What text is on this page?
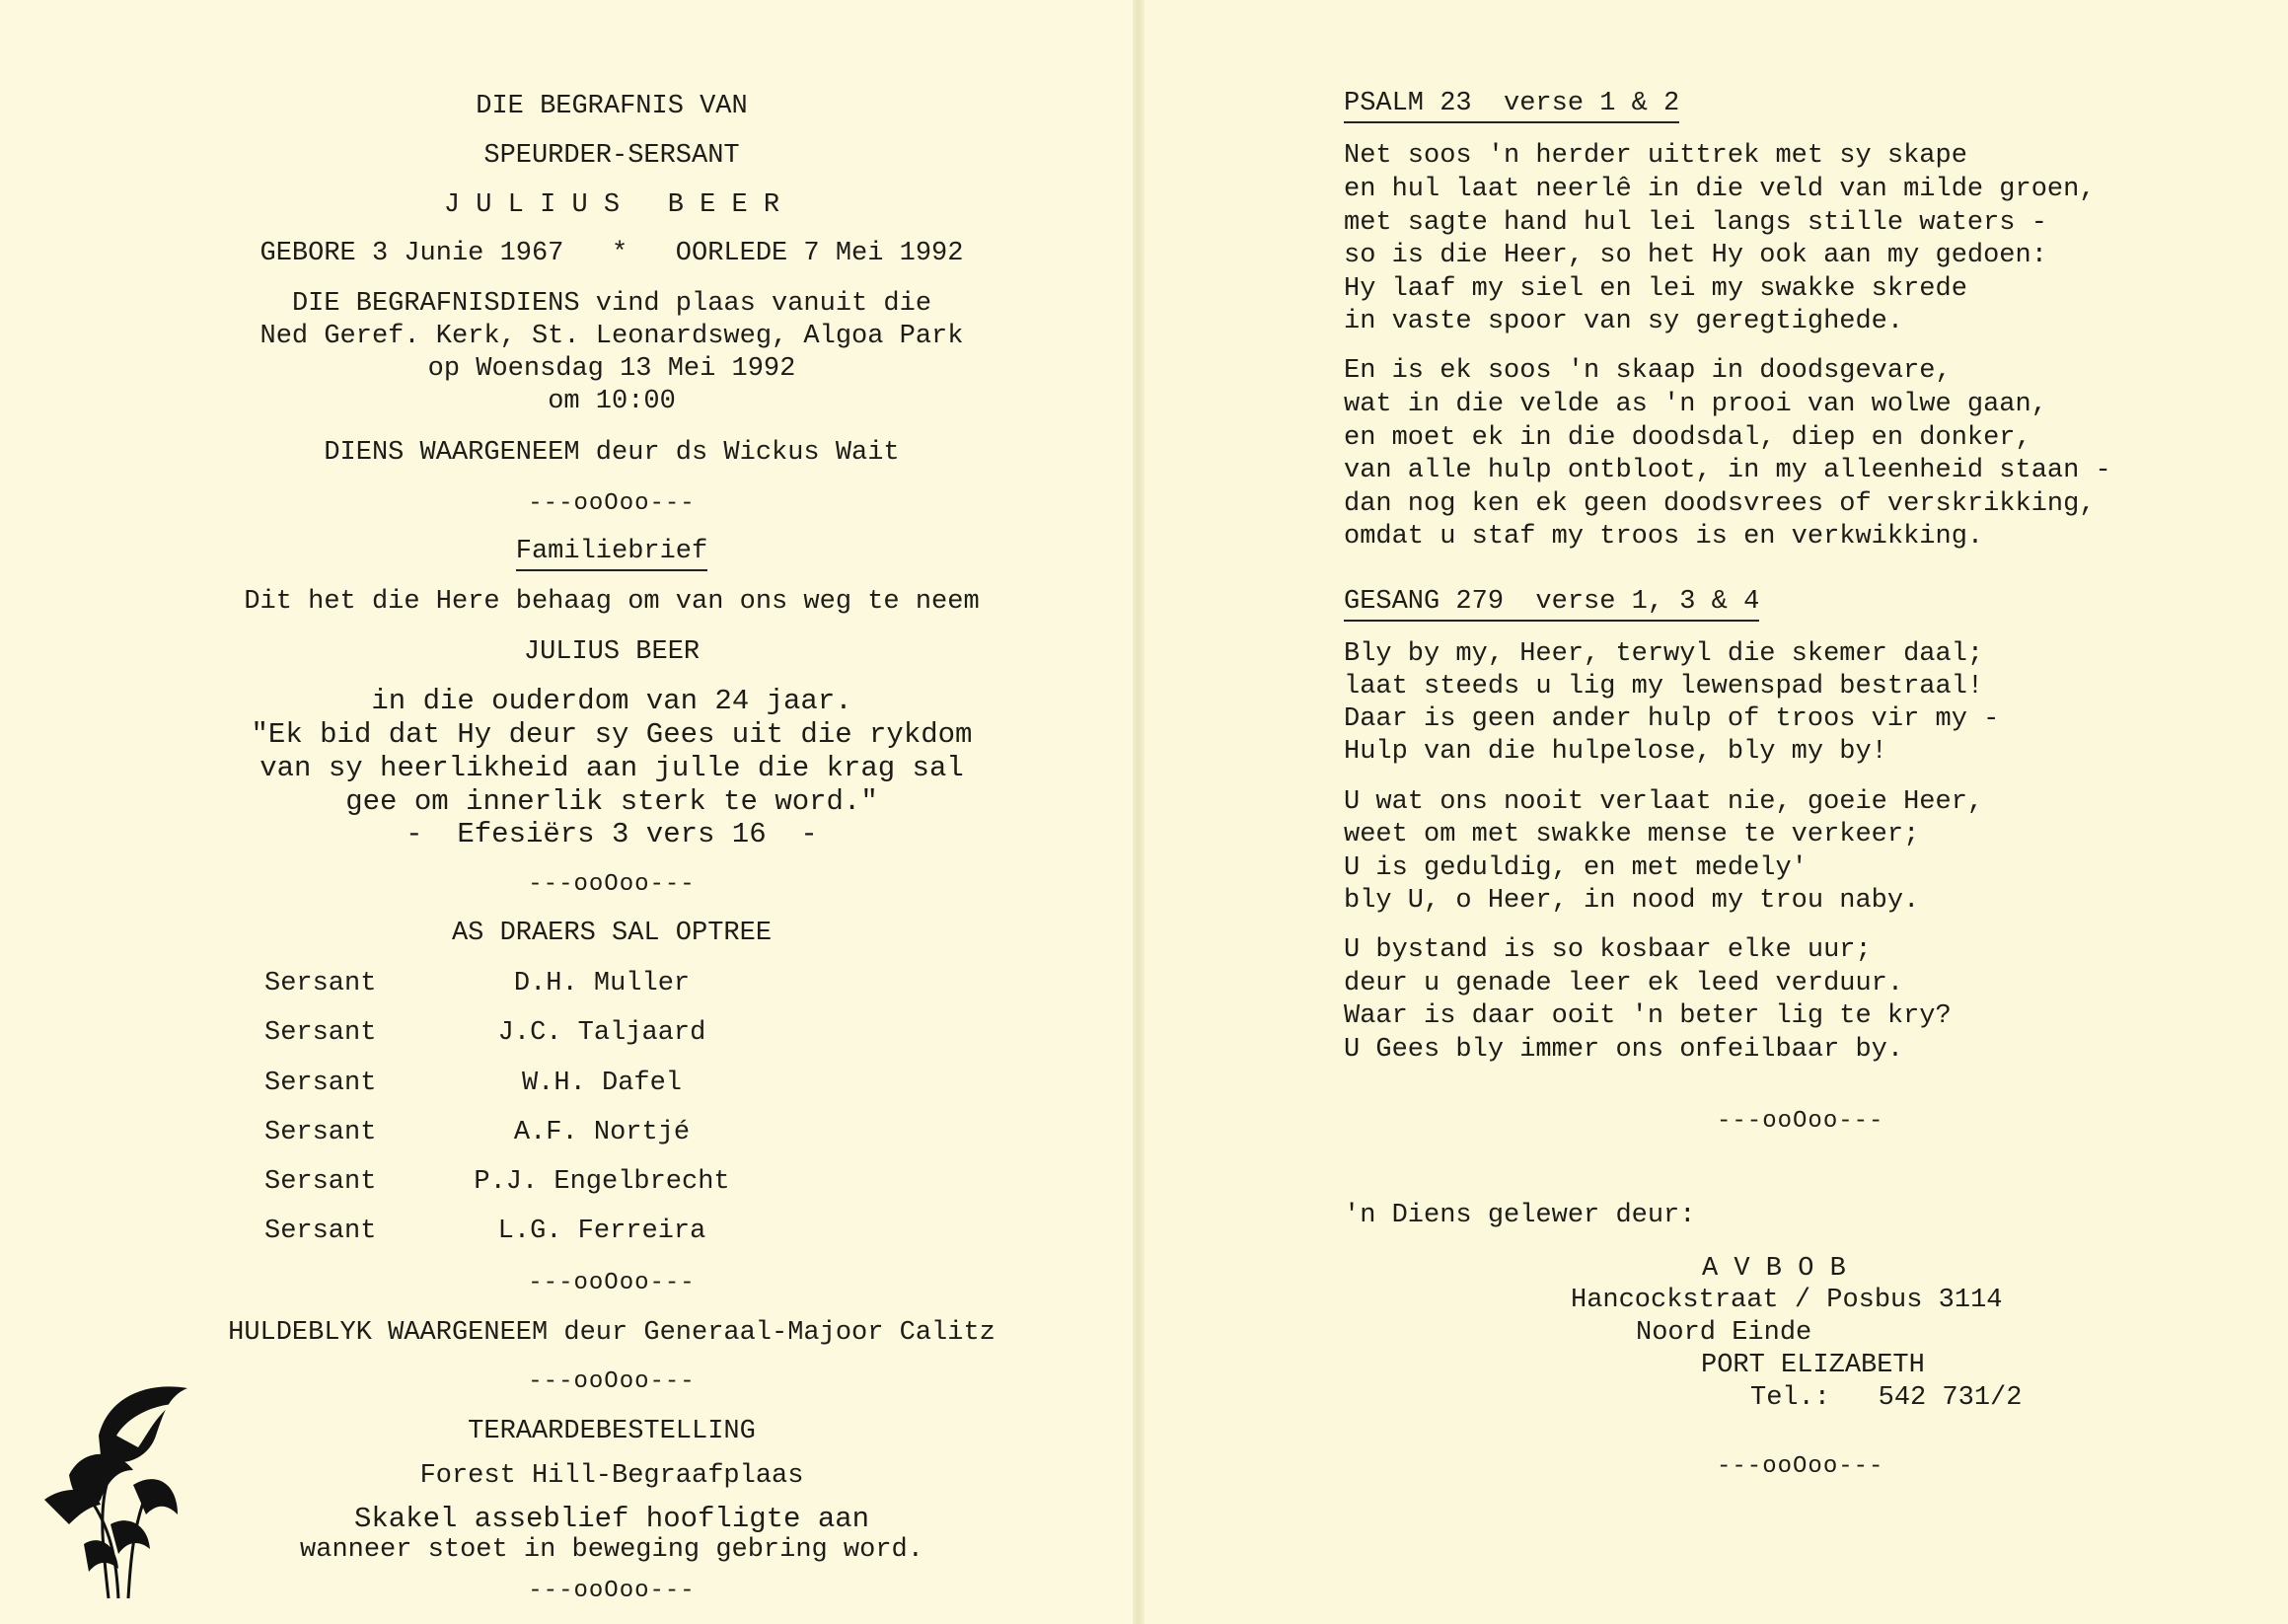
DIE BEGRAFNIS VAN
SPEURDER-SERSANT
J U L I U S   B E E R
GEBORE 3 Junie 1967   *   OORLEDE 7 Mei 1992
DIE BEGRAFNISDIENS vind plaas vanuit die
Ned Geref. Kerk, St. Leonardsweg, Algoa Park
op Woensdag 13 Mei 1992
om 10:00
DIENS WAARGENEEM deur ds Wickus Wait
---ooOoo---
Familiebrief
Dit het die Here behaag om van ons weg te neem
JULIUS BEER
in die ouderdom van 24 jaar.
"Ek bid dat Hy deur sy Gees uit die rykdom
van sy heerlikheid aan julle die krag sal
gee om innerlik sterk te word."
-  Efesiërs 3 vers 16  -
---ooOoo---
AS DRAERS SAL OPTREE
Sersant	D.H. Muller
Sersant	J.C. Taljaard
Sersant	W.H. Dafel
Sersant	A.F. Nortjé
Sersant	P.J. Engelbrecht
Sersant	L.G. Ferreira
---ooOoo---
HULDEBLYK WAARGENEEM deur Generaal-Majoor Calitz
---ooOoo---
TERAARDEBESTELLING
Forest Hill-Begraafplaas
Skakel asseblief hoofligte aan
wanneer stoet in beweging gebring word.
---ooOoo---
PSALM 23  verse 1 & 2
Net soos 'n herder uittrek met sy skape
en hul laat neerlê in die veld van milde groen,
met sagte hand hul lei langs stille waters -
so is die Heer, so het Hy ook aan my gedoen:
Hy laaf my siel en lei my swakke skrede
in vaste spoor van sy geregtighede.
En is ek soos 'n skaap in doodsgevare,
wat in die velde as 'n prooi van wolwe gaan,
en moet ek in die doodsdal, diep en donker,
van alle hulp ontbloot, in my alleenheid staan -
dan nog ken ek geen doodsvrees of verskrikking,
omdat u staf my troos is en verkwikking.
GESANG 279  verse 1, 3 & 4
Bly by my, Heer, terwyl die skemer daal;
laat steeds u lig my lewenspad bestraal!
Daar is geen ander hulp of troos vir my -
Hulp van die hulpelose, bly my by!
U wat ons nooit verlaat nie, goeie Heer,
weet om met swakke mense te verkeer;
U is geduldig, en met medely'
bly U, o Heer, in nood my trou naby.
U bystand is so kosbaar elke uur;
deur u genade leer ek leed verduur.
Waar is daar ooit 'n beter lig te kry?
U Gees bly immer ons onfeilbaar by.
---ooOoo---
'n Diens gelewer deur:
A V B O B
Hancockstraat / Posbus 3114
Noord Einde
PORT ELIZABETH
Tel.: 542 731/2
---ooOoo---
